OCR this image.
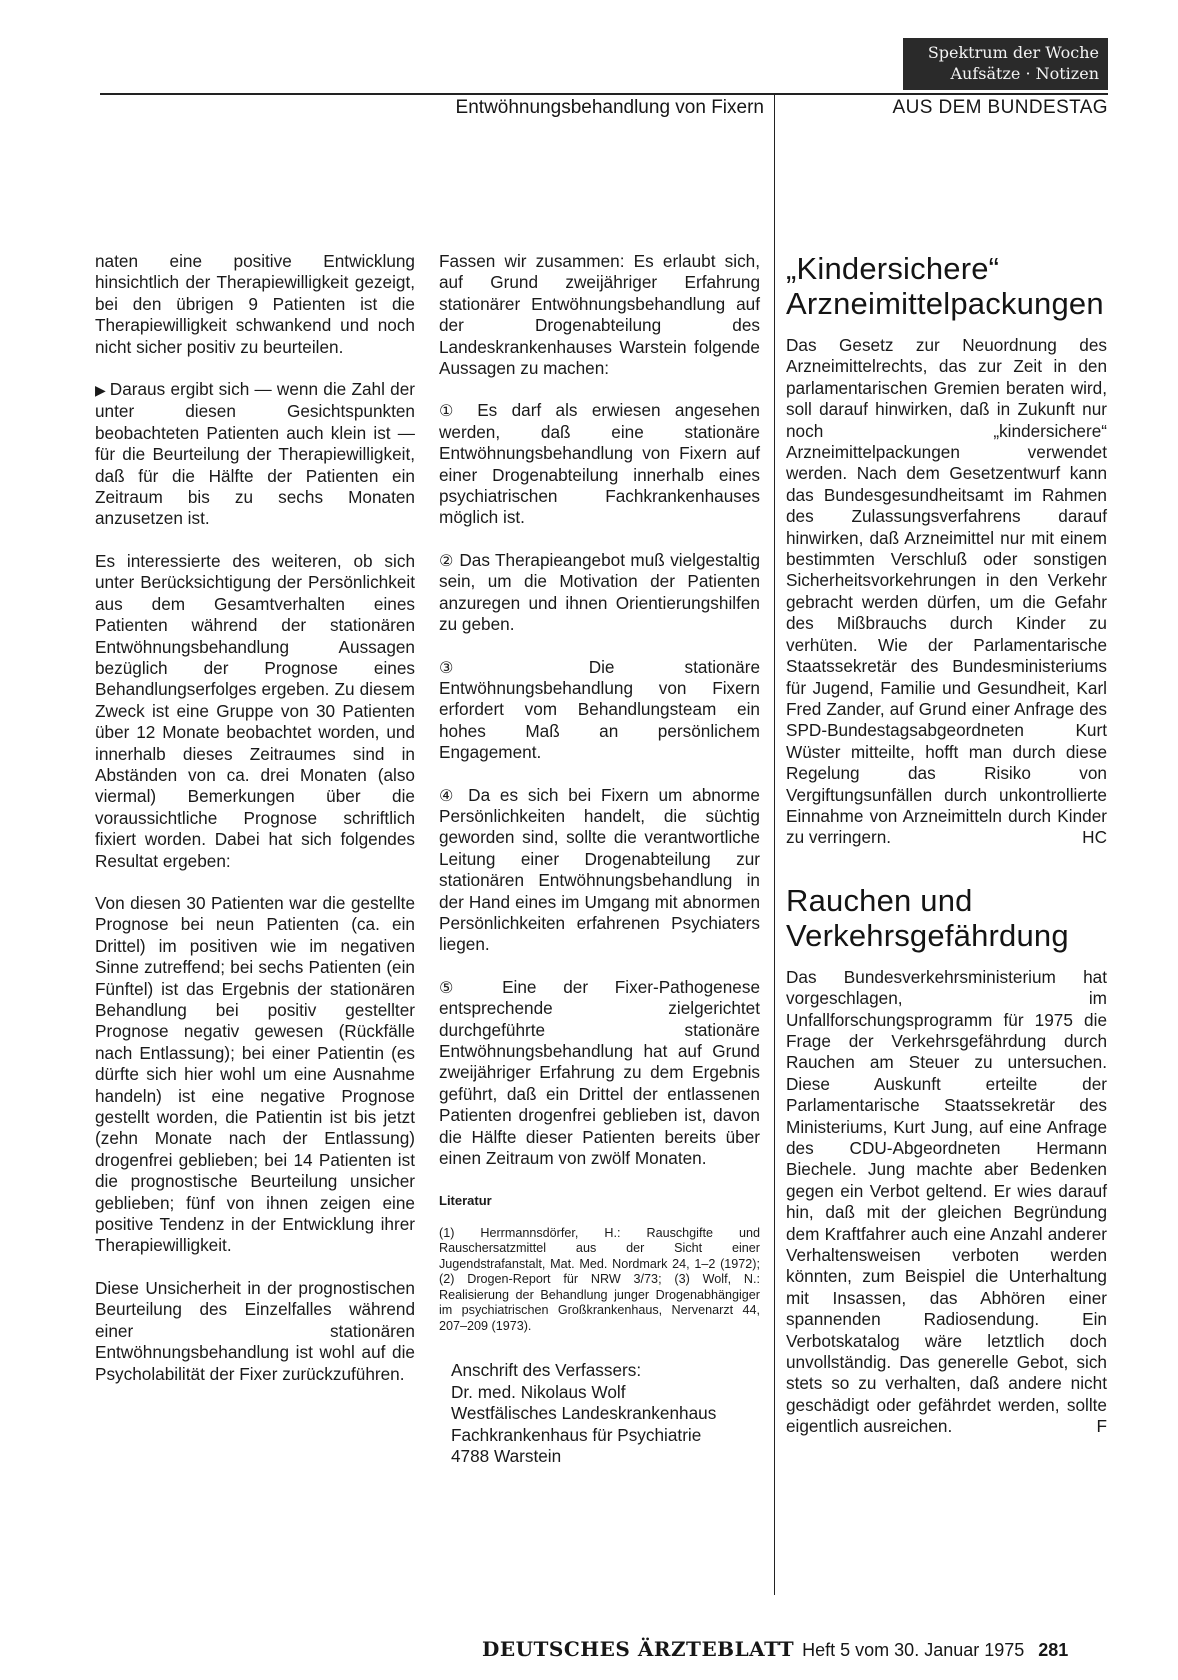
Spektrum der Woche
Aufsätze · Notizen
Entwöhnungsbehandlung von Fixern	AUS DEM BUNDESTAG

naten eine positive Entwicklung hinsichtlich der Therapiewilligkeit gezeigt, bei den übrigen 9 Patienten ist die Therapiewilligkeit schwankend und noch nicht sicher positiv zu beurteilen.

▶ Daraus ergibt sich — wenn die Zahl der unter diesen Gesichtspunkten beobachteten Patienten auch klein ist — für die Beurteilung der Therapiewilligkeit, daß für die Hälfte der Patienten ein Zeitraum bis zu sechs Monaten anzusetzen ist.

Es interessierte des weiteren, ob sich unter Berücksichtigung der Persönlichkeit aus dem Gesamtverhalten eines Patienten während der stationären Entwöhnungsbehandlung Aussagen bezüglich der Prognose eines Behandlungserfolges ergeben. Zu diesem Zweck ist eine Gruppe von 30 Patienten über 12 Monate beobachtet worden, und innerhalb dieses Zeitraumes sind in Abständen von ca. drei Monaten (also viermal) Bemerkungen über die voraussichtliche Prognose schriftlich fixiert worden. Dabei hat sich folgendes Resultat ergeben:

Von diesen 30 Patienten war die gestellte Prognose bei neun Patienten (ca. ein Drittel) im positiven wie im negativen Sinne zutreffend; bei sechs Patienten (ein Fünftel) ist das Ergebnis der stationären Behandlung bei positiv gestellter Prognose negativ gewesen (Rückfälle nach Entlassung); bei einer Patientin (es dürfte sich hier wohl um eine Ausnahme handeln) ist eine negative Prognose gestellt worden, die Patientin ist bis jetzt (zehn Monate nach der Entlassung) drogenfrei geblieben; bei 14 Patienten ist die prognostische Beurteilung unsicher geblieben; fünf von ihnen zeigen eine positive Tendenz in der Entwicklung ihrer Therapiewilligkeit.

Diese Unsicherheit in der prognostischen Beurteilung des Einzelfalles während einer stationären Entwöhnungsbehandlung ist wohl auf die Psycholabilität der Fixer zurückzuführen.

Fassen wir zusammen: Es erlaubt sich, auf Grund zweijähriger Erfahrung stationärer Entwöhnungsbehandlung auf der Drogenabteilung des Landeskrankenhauses Warstein folgende Aussagen zu machen:

① Es darf als erwiesen angesehen werden, daß eine stationäre Entwöhnungsbehandlung von Fixern auf einer Drogenabteilung innerhalb eines psychiatrischen Fachkrankenhauses möglich ist.

② Das Therapieangebot muß vielgestaltig sein, um die Motivation der Patienten anzuregen und ihnen Orientierungshilfen zu geben.

③	Die stationäre Entwöhnungsbehandlung von Fixern erfordert vom Behandlungsteam ein hohes Maß an persönlichem Engagement.

④ Da es sich bei Fixern um abnorme Persönlichkeiten handelt, die süchtig geworden sind, sollte die verantwortliche Leitung einer Drogenabteilung zur stationären Entwöhnungsbehandlung in der Hand eines im Umgang mit abnormen Persönlichkeiten erfahrenen Psychiaters liegen.

⑤ Eine der Fixer-Pathogenese entsprechende zielgerichtet durchgeführte stationäre Entwöhnungsbehandlung hat auf Grund zweijähriger Erfahrung zu dem Ergebnis geführt, daß ein Drittel der entlassenen Patienten drogenfrei geblieben ist, davon die Hälfte dieser Patienten bereits über einen Zeitraum von zwölf Monaten.

Literatur
(1) Herrmannsdörfer, H.: Rauschgifte und Rauschersatzmittel aus der Sicht einer Jugendstrafanstalt, Mat. Med. Nordmark 24, 1–2 (1972); (2) Drogen-Report für NRW 3/73; (3) Wolf, N.: Realisierung der Behandlung junger Drogenabhängiger im psychiatrischen Großkrankenhaus, Nervenarzt 44, 207–209 (1973).
Anschrift des Verfassers:
Dr. med. Nikolaus Wolf
Westfälisches Landeskrankenhaus
Fachkrankenhaus für Psychiatrie
4788 Warstein
„Kindersichere“ Arzneimittelpackungen

Das Gesetz zur Neuordnung des Arzneimittelrechts, das zur Zeit in den parlamentarischen Gremien beraten wird, soll darauf hinwirken, daß in Zukunft nur noch „kindersichere“ Arzneimittelpackungen verwendet werden. Nach dem Gesetzentwurf kann das Bundesgesundheitsamt im Rahmen des Zulassungsverfahrens darauf hinwirken, daß Arzneimittel nur mit einem bestimmten Verschluß oder sonstigen Sicherheitsvorkehrungen in den Verkehr gebracht werden dürfen, um die Gefahr des Mißbrauchs durch Kinder zu verhüten. Wie der Parlamentarische Staatssekretär des Bundesministeriums für Jugend, Familie und Gesundheit, Karl Fred Zander, auf Grund einer Anfrage des SPD-Bundestagsabgeordneten Kurt Wüster mitteilte, hofft man durch diese Regelung das Risiko von Vergiftungsunfällen durch unkontrollierte Einnahme von Arzneimitteln durch Kinder zu verringern.	HC

Rauchen und Verkehrsgefährdung

Das Bundesverkehrsministerium hat vorgeschlagen, im Unfallforschungsprogramm für 1975 die Frage der Verkehrsgefährdung durch Rauchen am Steuer zu untersuchen. Diese Auskunft erteilte der Parlamentarische Staatssekretär des Ministeriums, Kurt Jung, auf eine Anfrage des CDU-Abgeordneten Hermann Biechele. Jung machte aber Bedenken gegen ein Verbot geltend. Er wies darauf hin, daß mit der gleichen Begründung dem Kraftfahrer auch eine Anzahl anderer Verhaltensweisen verboten werden könnten, zum Beispiel die Unterhaltung mit Insassen, das Abhören einer spannenden Radiosendung. Ein Verbotskatalog wäre letztlich doch unvollständig. Das generelle Gebot, sich stets so zu verhalten, daß andere nicht geschädigt oder gefährdet werden, sollte eigentlich ausreichen.	F

DEUTSCHES ÄRZTEBLATT Heft 5 vom 30. Januar 1975 281
